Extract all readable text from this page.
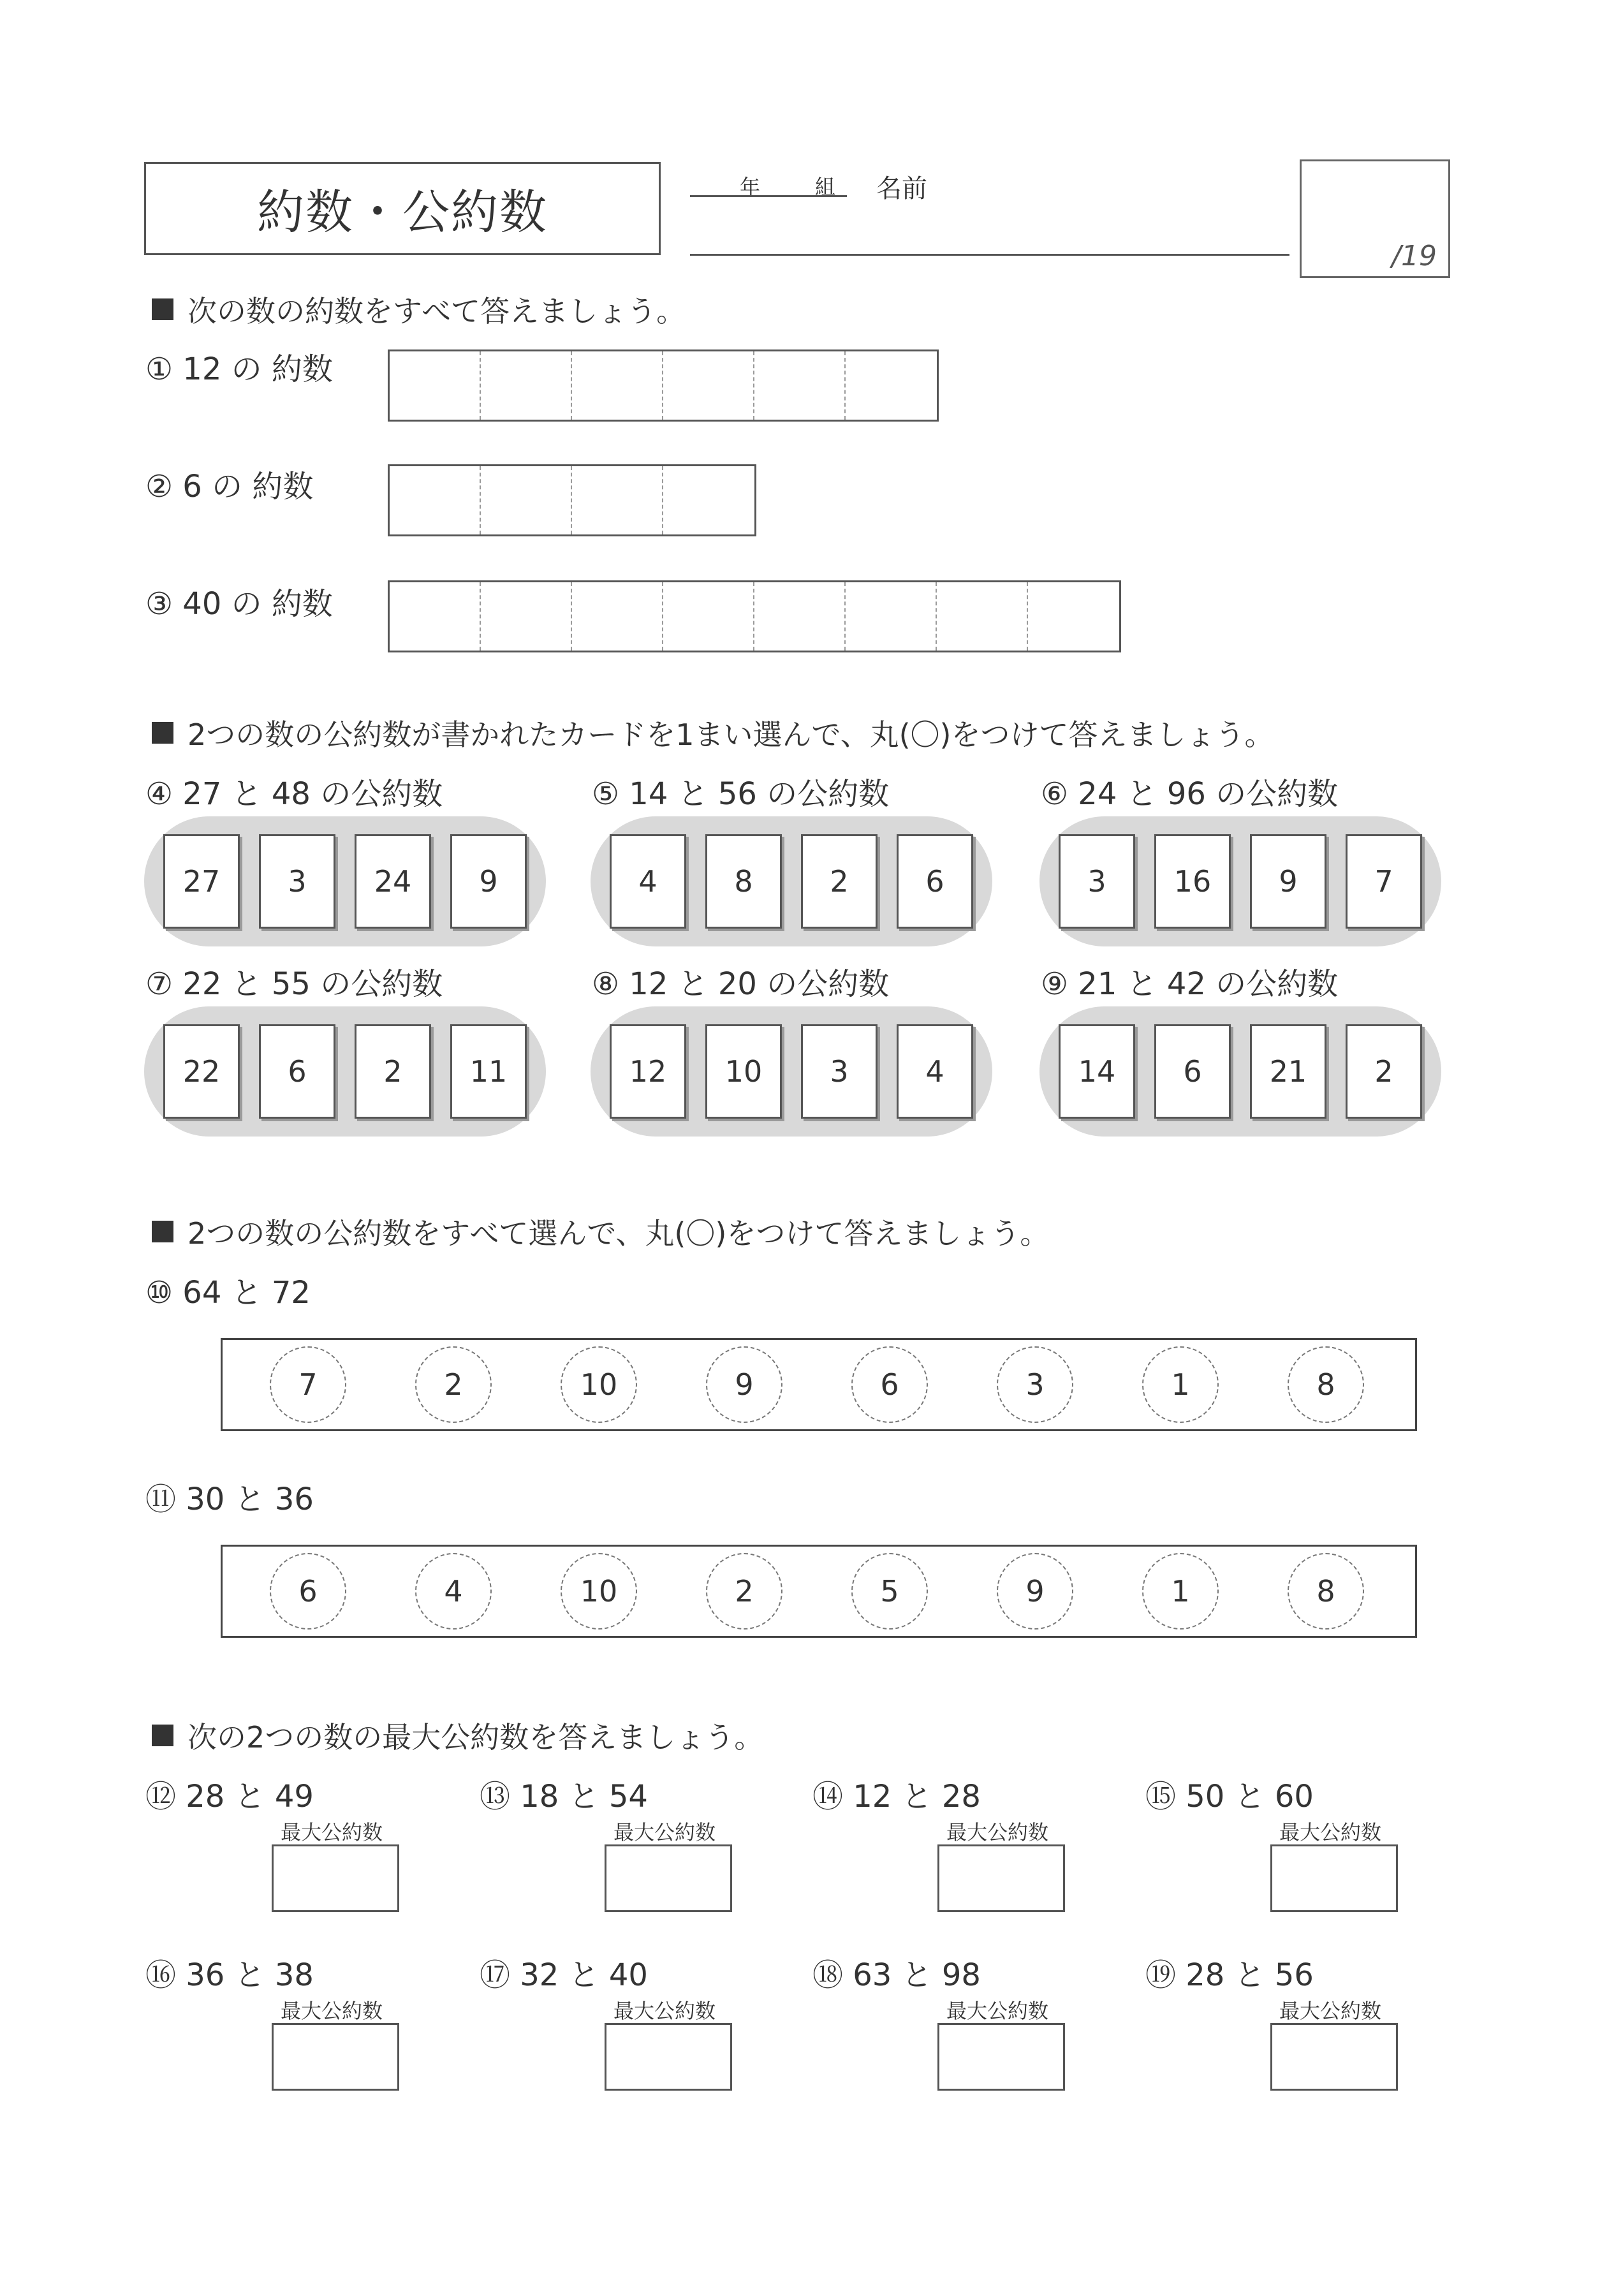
約数・公約数	年	組 名前
/19
次の数の約数をすべて答えましょう。
① 12 の 約数
② 6 の 約数
③ 40 の 約数
2つの数の公約数が書かれたカードを1まい選んで、丸(〇)をつけて答えましょう。
④ 27 と 48 の公約数
27	3	24	9
⑤ 14 と 56 の公約数
4	8	2	6
⑥ 24 と 96 の公約数
3	16	9	7
⑦ 22 と 55 の公約数
22	6	2	11
⑧ 12 と 20 の公約数
12	10	3	4
⑨ 21 と 42 の公約数
14	6	21	2
2つの数の公約数をすべて選んで、丸(〇)をつけて答えましょう。
⑩ 64 と 72
7	2	10	9	6	3	1	8
⑪ 30 と 36
6	4	10	2	5	9	1	8
次の2つの数の最大公約数を答えましょう。
⑫ 28 と 49
最大公約数
⑬ 18 と 54
最大公約数
⑭ 12 と 28
最大公約数
⑮ 50 と 60
最大公約数
⑯ 36 と 38
最大公約数
⑰ 32 と 40
最大公約数
⑱ 63 と 98
最大公約数
⑲ 28 と 56
最大公約数
